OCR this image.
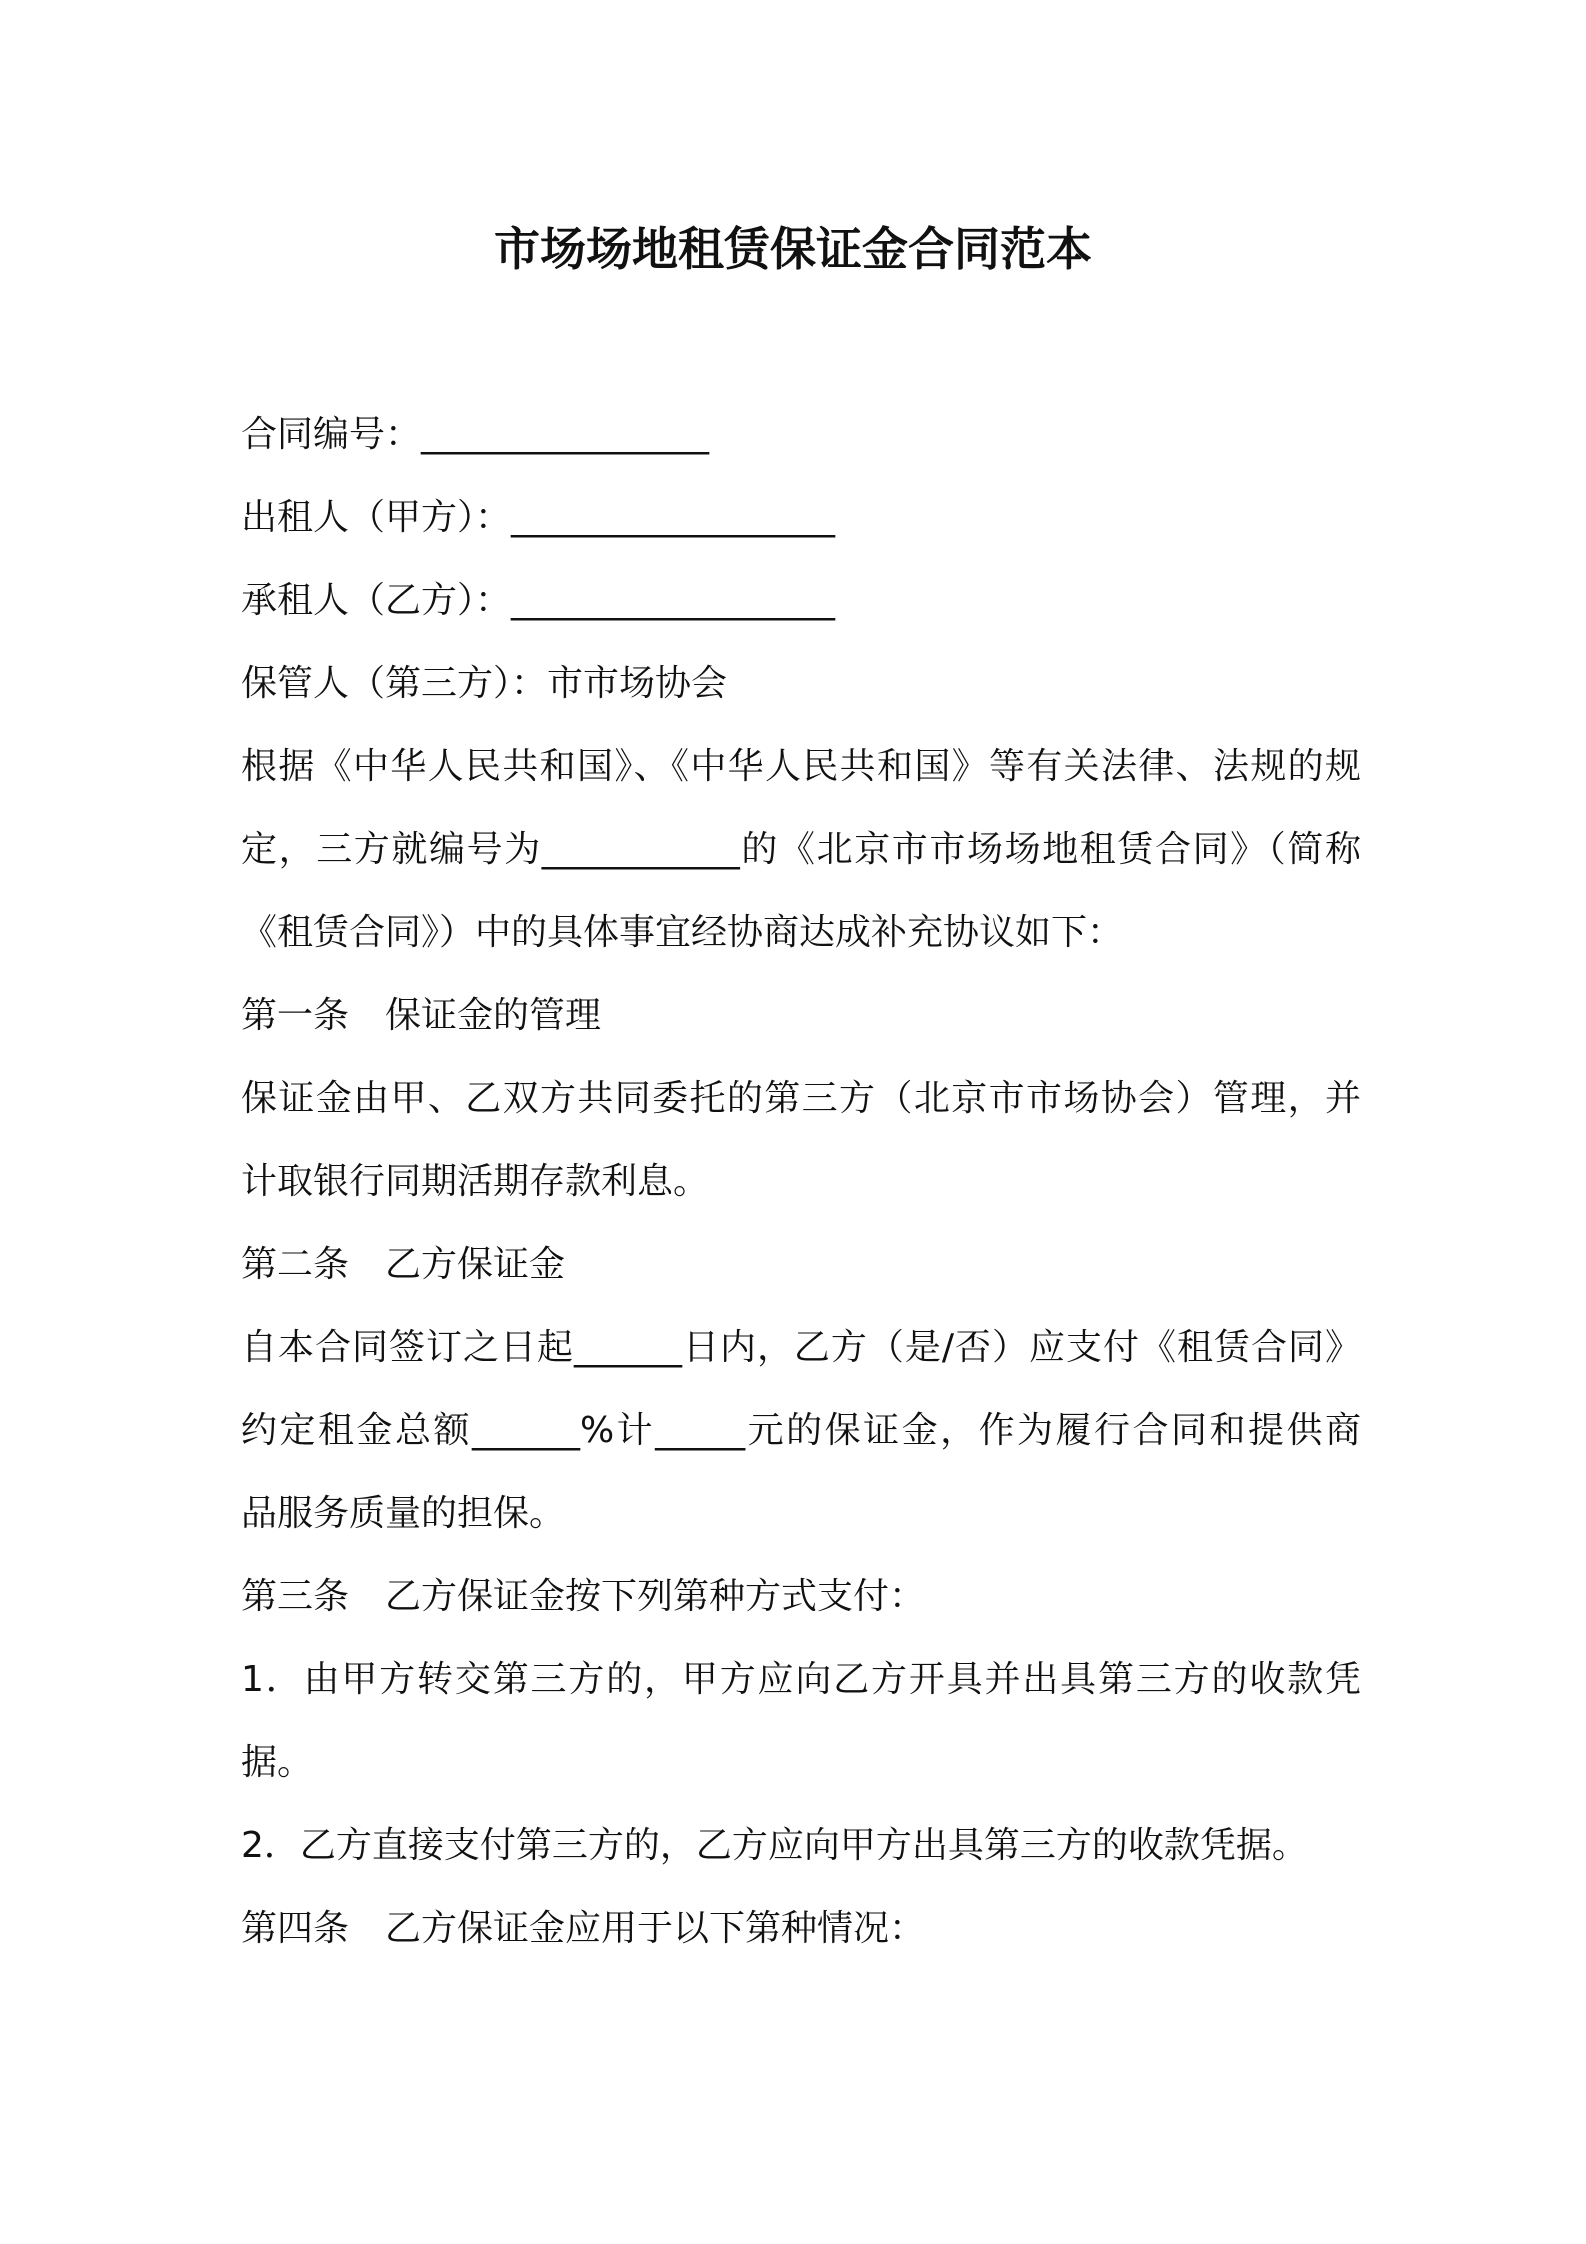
市场场地租赁保证金合同范本
合同编号：________________
出租人（甲方）：__________________
承租人（乙方）：__________________
保管人（第三方）：市市场协会
根据《中华人民共和国》、《中华人民共和国》等有关法律、法规的规
定，三方就编号为___________的《北京市市场场地租赁合同》（简称
《租赁合同》）中的具体事宜经协商达成补充协议如下：
第一条　保证金的管理
保证金由甲、乙双方共同委托的第三方（北京市市场协会）管理，并
计取银行同期活期存款利息。
第二条　乙方保证金
自本合同签订之日起______日内，乙方（是/否）应支付《租赁合同》
约定租金总额______%计_____元的保证金，作为履行合同和提供商
品服务质量的担保。
第三条　乙方保证金按下列第种方式支付：
1．由甲方转交第三方的，甲方应向乙方开具并出具第三方的收款凭
据。
2．乙方直接支付第三方的，乙方应向甲方出具第三方的收款凭据。
第四条　乙方保证金应用于以下第种情况：
